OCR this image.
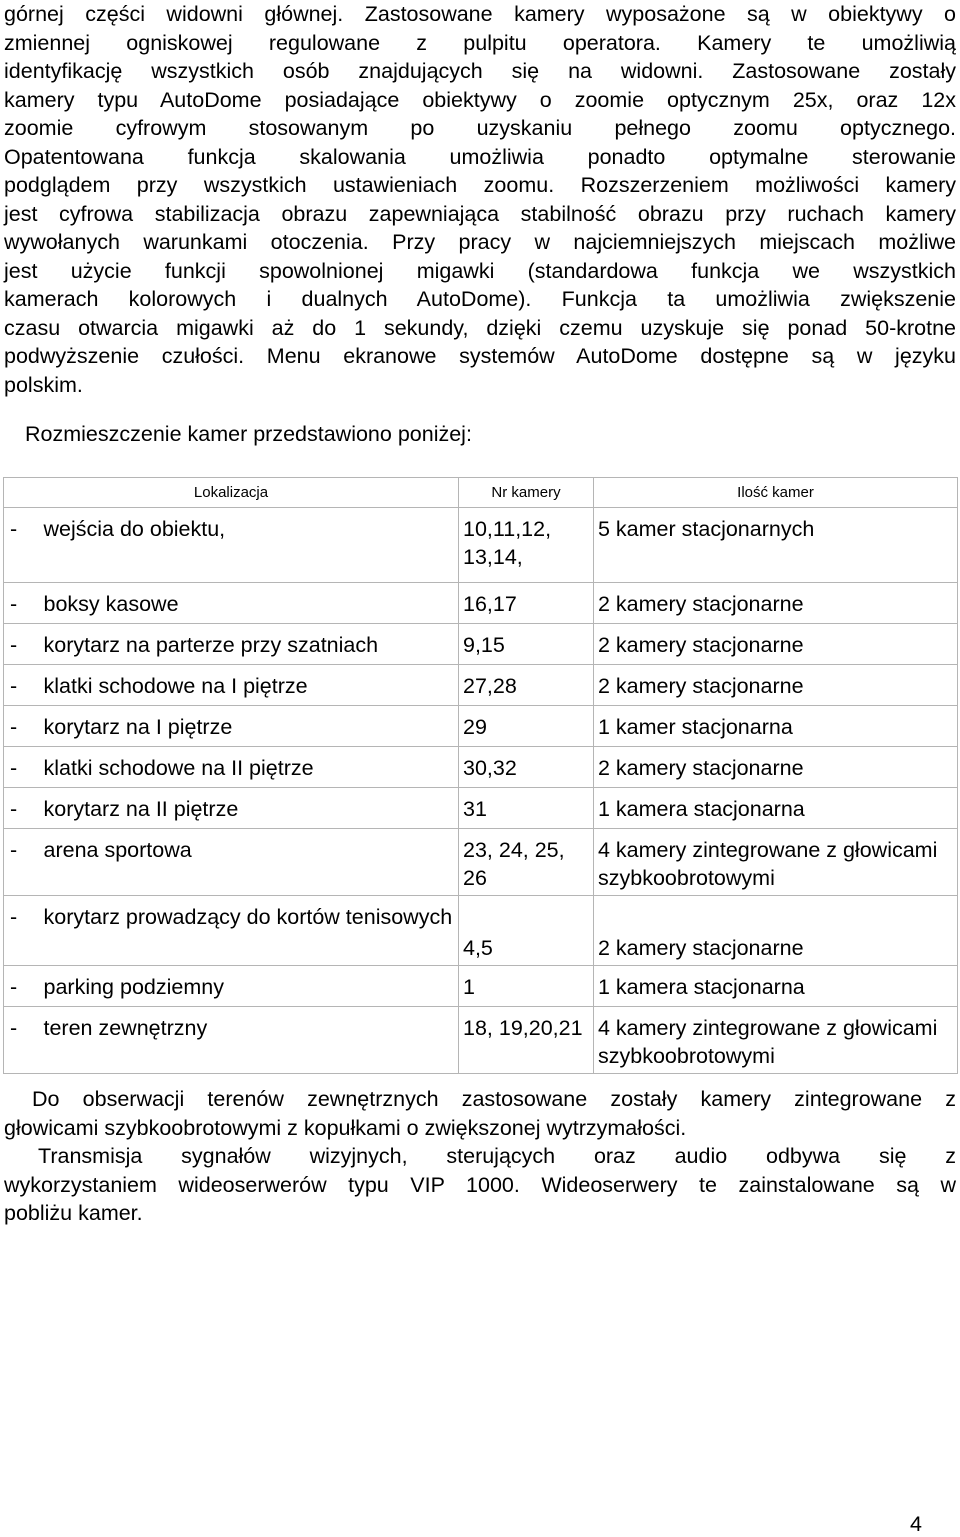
górnej części widowni głównej. Zastosowane kamery wyposażone są w obiektywy o
zmiennej ogniskowej regulowane z pulpitu operatora. Kamery te umożliwią
identyfikację wszystkich osób znajdujących się na widowni. Zastosowane zostały
kamery typu AutoDome posiadające obiektywy o zoomie optycznym 25x, oraz 12x
zoomie cyfrowym stosowanym po uzyskaniu pełnego zoomu optycznego.
Opatentowana funkcja skalowania umożliwia ponadto optymalne sterowanie
podglądem przy wszystkich ustawieniach zoomu. Rozszerzeniem możliwości kamery
jest cyfrowa stabilizacja obrazu zapewniająca stabilność obrazu przy ruchach kamery
wywołanych warunkami otoczenia. Przy pracy w najciemniejszych miejscach możliwe
jest użycie funkcji spowolnionej migawki (standardowa funkcja we wszystkich
kamerach kolorowych i dualnych AutoDome). Funkcja ta umożliwia zwiększenie
czasu otwarcia migawki aż do 1 sekundy, dzięki czemu uzyskuje się ponad 50-krotne
podwyższenie czułości. Menu ekranowe systemów AutoDome dostępne są w języku
polskim.

Rozmieszczenie kamer przedstawiono poniżej:

Lokalizacja		Nr kamery	Ilość kamer
-	wejścia do obiektu,	10,11,12, 13,14,	5 kamer stacjonarnych
-	boksy kasowe	16,17	2 kamery stacjonarne
-	korytarz na parterze przy szatniach	9,15	2 kamery stacjonarne
-	klatki schodowe na I piętrze	27,28	2 kamery stacjonarne
-	korytarz na I piętrze	29	1 kamer stacjonarna
-	klatki schodowe na II piętrze	30,32	2 kamery stacjonarne
-	korytarz na II piętrze	31	1 kamera stacjonarna
-	arena sportowa	23, 24, 25, 26	4 kamery zintegrowane z głowicami szybkoobrotowymi
-	korytarz prowadzący do kortów tenisowych	4,5	2 kamery stacjonarne
-	parking podziemny	1	1 kamera stacjonarna
-	teren zewnętrzny	18, 19,20,21	4 kamery zintegrowane z głowicami szybkoobrotowymi
Do obserwacji terenów zewnętrznych zastosowane zostały kamery zintegrowane z
głowicami szybkoobrotowymi z kopułkami o zwiększonej wytrzymałości.
Transmisja sygnałów wizyjnych, sterujących oraz audio odbywa się z
wykorzystaniem wideoserwerów typu VIP 1000. Wideoserwery te zainstalowane są w
pobliżu kamer.
4
